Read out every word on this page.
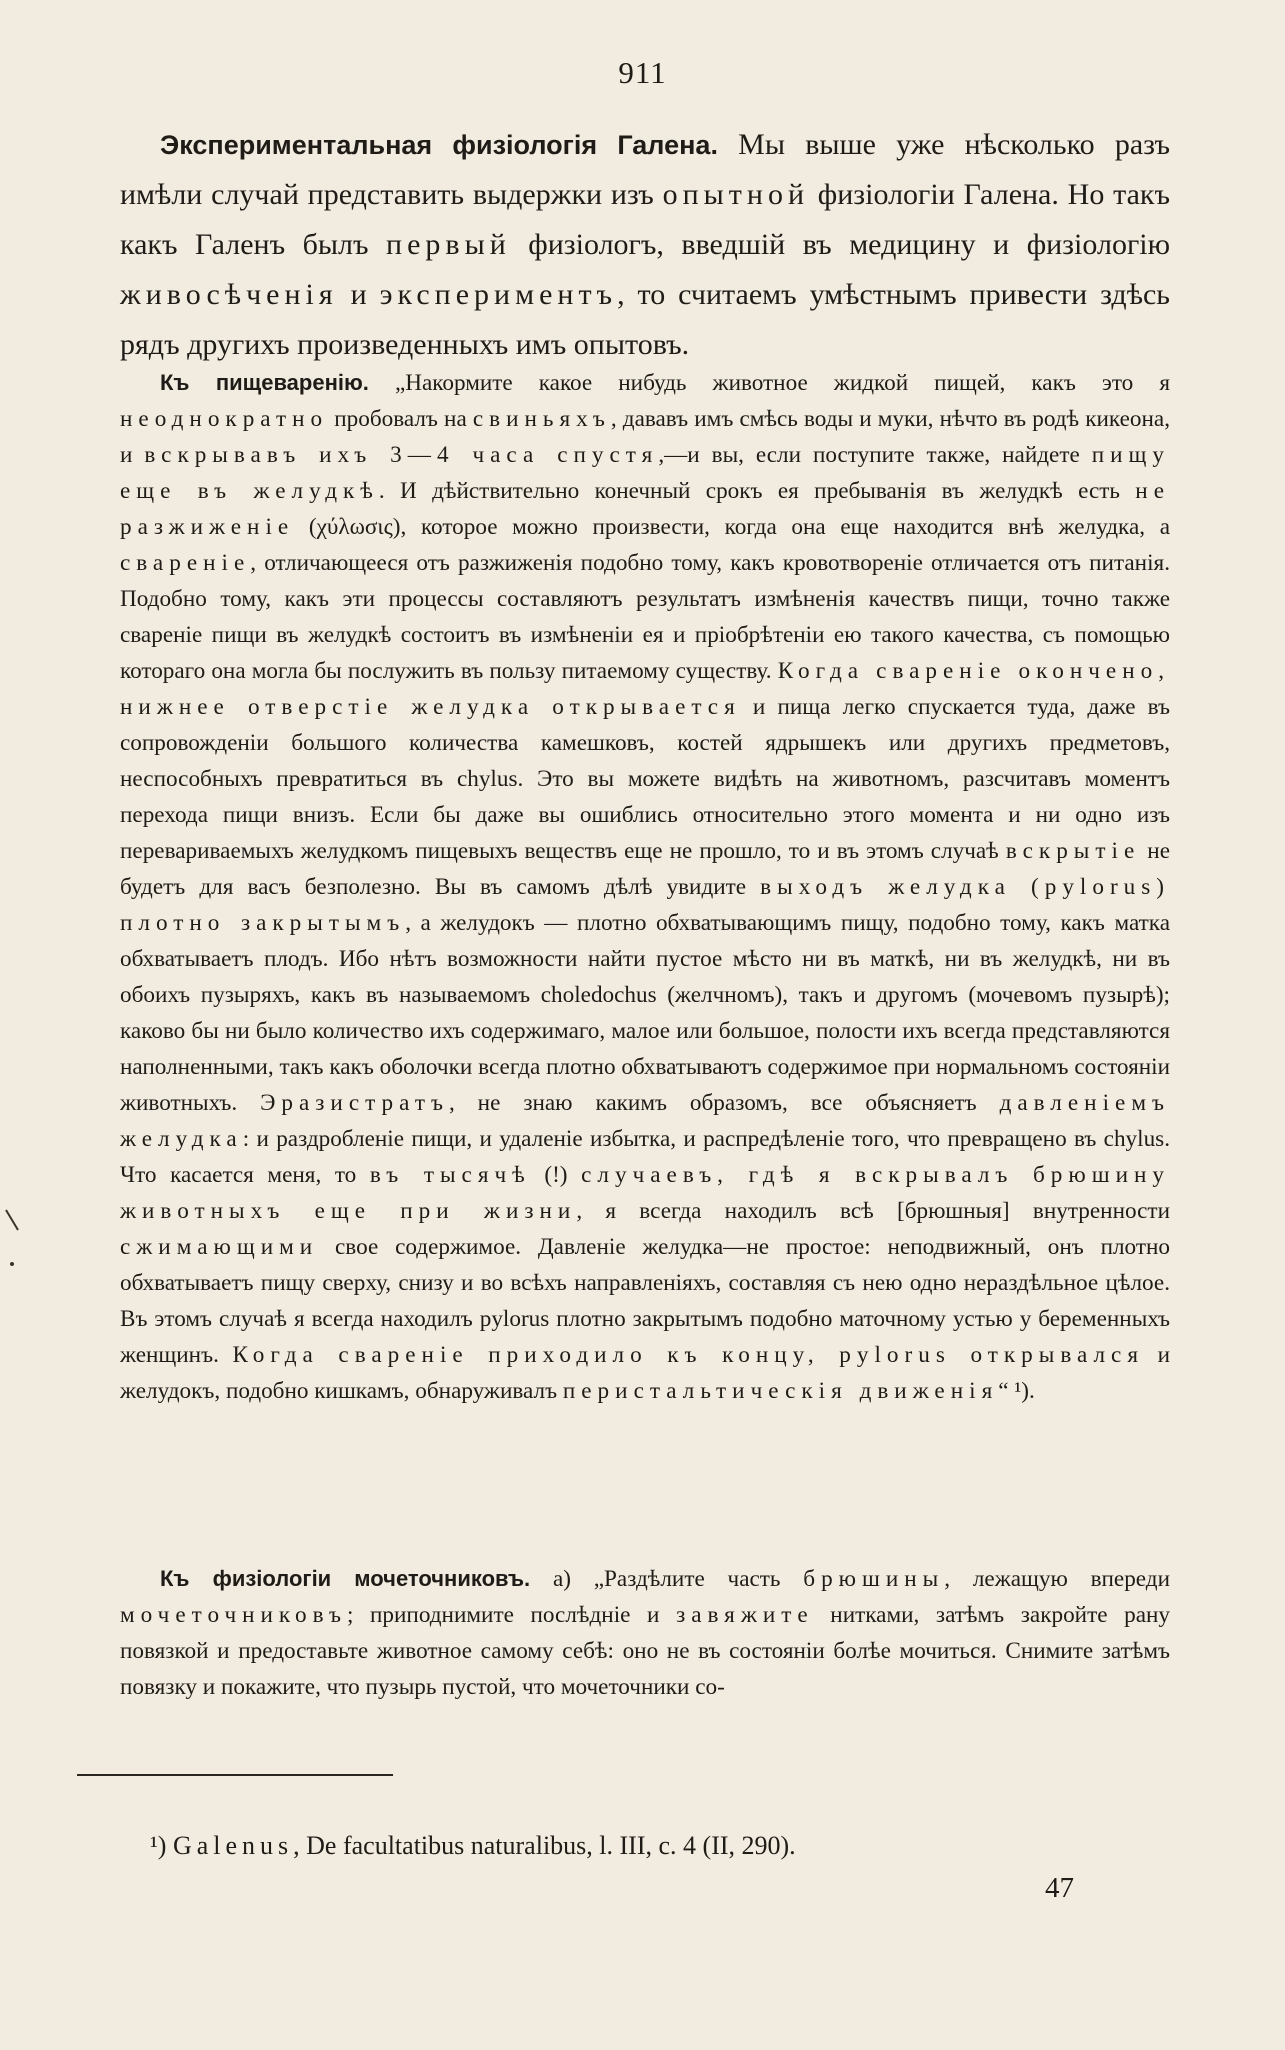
911
Экспериментальная физіологія Галена. Мы выше уже нѣсколько разъ имѣли случай представить выдержки изъ опытной физіологіи Галена. Но такъ какъ Галенъ былъ первый физіологъ, введшій въ медицину и физіологію живосѣченія и экспериментъ, то считаемъ умѣстнымъ привести здѣсь рядъ другихъ произведенныхъ имъ опытовъ.
Къ пищеваренію. „Накормите какое нибудь животное жидкой пищей, какъ это я неоднократно пробовалъ на свиньяхъ, дававъ имъ смѣсь воды и муки, нѣчто въ родѣ кикеона, и вскрывавъ ихъ 3—4 часа спустя,—и вы, если поступите также, найдете пищу еще въ желудкѣ. И дѣйствительно конечный срокъ ея пребыванія въ желудкѣ есть не разжиженіе (χύλωσις), которое можно произвести, когда она еще находится внѣ желудка, а свареніе, отличающееся отъ разжиженія подобно тому, какъ кровотвореніе отличается отъ питанія. Подобно тому, какъ эти процессы составляютъ результатъ измѣненія качествъ пищи, точно также свареніе пищи въ желудкѣ состоитъ въ измѣненіи ея и пріобрѣтеніи ею такого качества, съ помощью котораго она могла бы послужить въ пользу питаемому существу. Когда свареніе окончено, нижнее отверстіе желудка открывается и пища легко спускается туда, даже въ сопровожденіи большого количества камешковъ, костей ядрышекъ или другихъ предметовъ, неспособныхъ превратиться въ chylus. Это вы можете видѣть на животномъ, разсчитавъ моментъ перехода пищи внизъ. Если бы даже вы ошиблись относительно этого момента и ни одно изъ перевариваемыхъ желудкомъ пищевыхъ веществъ еще не прошло, то и въ этомъ случаѣ вскрытіе не будетъ для васъ безполезно. Вы въ самомъ дѣлѣ увидите выходъ желудка (pylorus) плотно закрытымъ, а желудокъ — плотно обхватывающимъ пищу, подобно тому, какъ матка обхватываетъ плодъ. Ибо нѣтъ возможности найти пустое мѣсто ни въ маткѣ, ни въ желудкѣ, ни въ обоихъ пузыряхъ, какъ въ называемомъ choledochus (желчномъ), такъ и другомъ (мочевомъ пузырѣ); каково бы ни было количество ихъ содержимаго, малое или большое, полости ихъ всегда представляются наполненными, такъ какъ оболочки всегда плотно обхватываютъ содержимое при нормальномъ состояніи животныхъ. Эразистратъ, не знаю какимъ образомъ, все объясняетъ давленіемъ желудка: и раздробленіе пищи, и удаленіе избытка, и распредѣленіе того, что превращено въ chylus. Что касается меня, то въ тысячѣ (!) случаевъ, гдѣ я вскрывалъ брюшину животныхъ еще при жизни, я всегда находилъ всѣ [брюшныя] внутренности сжимающими свое содержимое. Давленіе желудка—не простое: неподвижный, онъ плотно обхватываетъ пищу сверху, снизу и во всѣхъ направленіяхъ, составляя съ нею одно нераздѣльное цѣлое. Въ этомъ случаѣ я всегда находилъ pylorus плотно закрытымъ подобно маточному устью у беременныхъ женщинъ. Когда свареніе приходило къ концу, pylorus открывался и желудокъ, подобно кишкамъ, обнаруживалъ перистальтическія движенія“ ¹).
Къ физіологіи мочеточниковъ. а) „Раздѣлите часть брюшины, лежащую впереди мочеточниковъ; приподнимите послѣдніе и завяжите нитками, затѣмъ закройте рану повязкой и предоставьте животное самому себѣ: оно не въ состояніи болѣе мочиться. Снимите затѣмъ повязку и покажите, что пузырь пустой, что мочеточники со-
¹) Galenus, De facultatibus naturalibus, l. III, c. 4 (II, 290).
47
